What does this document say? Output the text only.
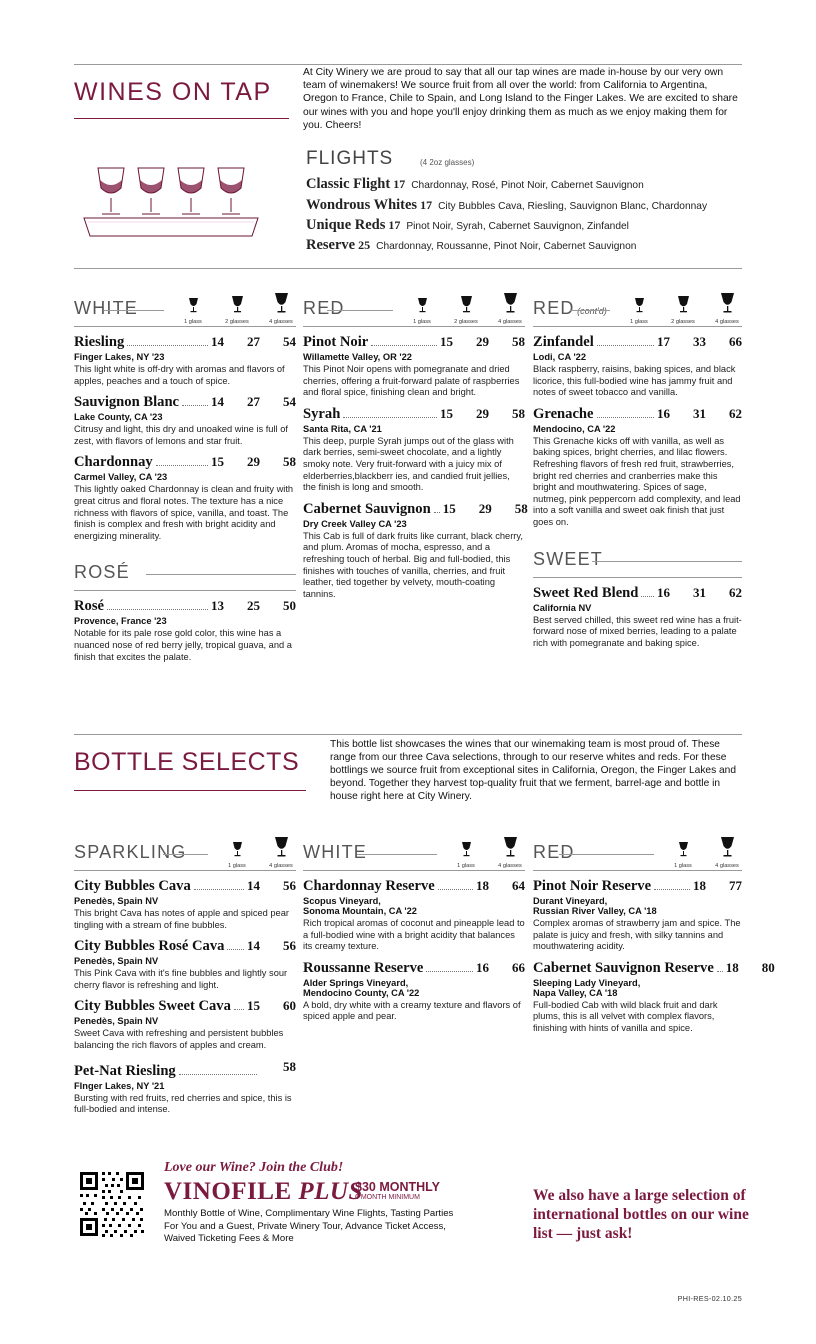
WINES ON TAP
At City Winery we are proud to say that all our tap wines are made in-house by our very own team of winemakers! We source fruit from all over the world: from California to Argentina, Oregon to France, Chile to Spain, and Long Island to the Finger Lakes. We are excited to share our wines with you and hope you'll enjoy drinking them as much as we enjoy making them for you. Cheers!
FLIGHTS	(4 2oz glasses)
Classic Flight 17 Chardonnay, Rosé, Pinot Noir, Cabernet Sauvignon
Wondrous Whites 17 City Bubbles Cava, Riesling, Sauvignon Blanc, Chardonnay
Unique Reds 17 Pinot Noir, Syrah, Cabernet Sauvignon, Zinfandel
Reserve 25 Chardonnay, Roussanne, Pinot Noir, Cabernet Sauvignon
WHITE
1 glass	2 glasses	4 glasses
Riesling	14	27	54
Finger Lakes, NY '23
This light white is off-dry with aromas and flavors of apples, peaches and a touch of spice.
Sauvignon Blanc 14	27	54
Lake County, CA '23
Citrusy and light, this dry and unoaked wine is full of zest, with flavors of lemons and star fruit.
Chardonnay	15	29	58
Carmel Valley, CA '23
This lightly oaked Chardonnay is clean and fruity with great citrus and floral notes. The texture has a nice richness with flavors of spice, vanilla, and toast. The finish is complex and fresh with bright acidity and energizing minerality.
ROSÉ
Rosé	13	25	50
Provence, France '23
Notable for its pale rose gold color, this wine has a nuanced nose of red berry jelly, tropical guava, and a finish that excites the palate.
RED
1 glass	2 glasses	4 glasses
Pinot Noir	15	29	58
Willamette Valley, OR '22
This Pinot Noir opens with pomegranate and dried cherries, offering a fruit-forward palate of raspberries and floral spice, finishing clean and bright.
Syrah	15	29	58
Santa Rita, CA '21
This deep, purple Syrah jumps out of the glass with dark berries, semi-sweet chocolate, and a lightly smoky note. Very fruit-forward with a juicy mix of elderberries,blackberr ies, and candied fruit jellies, the finish is long and smooth.
Cabernet Sauvignon 15	29	58
Dry Creek Valley CA '23
This Cab is full of dark fruits like currant, black cherry, and plum. Aromas of mocha, espresso, and a refreshing touch of herbal. Big and full-bodied, this finishes with touches of vanilla, cherries, and fruit leather, tied together by velvety, mouth-coating tannins.
RED (cont'd)
1 glass	2 glasses	4 glasses
Zinfandel	17	33	66
Lodi, CA '22
Black raspberry, raisins, baking spices, and black licorice, this full-bodied wine has jammy fruit and notes of sweet tobacco and vanilla.
Grenache	16	31	62
Mendocino, CA '22
This Grenache kicks off with vanilla, as well as baking spices, bright cherries, and lilac flowers. Refreshing flavors of fresh red fruit, strawberries, bright red cherries and cranberries make this bright and mouthwatering. Spices of sage, nutmeg, pink peppercorn add complexity, and lead into a soft vanilla and sweet oak finish that just goes on.
SWEET
Sweet Red Blend 16	31	62
California NV
Best served chilled, this sweet red wine has a fruit-forward nose of mixed berries, leading to a palate rich with pomegranate and baking spice.
BOTTLE SELECTS
This bottle list showcases the wines that our winemaking team is most proud of. These range from our three Cava selections, through to our reserve whites and reds. For these bottlings we source fruit from exceptional sites in California, Oregon, the Finger Lakes and beyond. Together they harvest top-quality fruit that we ferment, barrel-age and bottle in house right here at City Winery.
SPARKLING
1 glass	4 glasses
City Bubbles Cava	14	56
Penedès, Spain NV
This bright Cava has notes of apple and spiced pear tingling with a stream of fine bubbles.
City Bubbles Rosé Cava 14	56
Penedès, Spain NV
This Pink Cava with it's fine bubbles and lightly sour cherry flavor is refreshing and light.
City Bubbles Sweet Cava 15	60
Penedès, Spain NV
Sweet Cava with refreshing and persistent bubbles balancing the rich flavors of apples and cream.
Pet-Nat Riesling	58
FInger Lakes, NY '21
Bursting with red fruits, red cherries and spice, this is full-bodied and intense.
WHITE
1 glass	4 glasses
Chardonnay Reserve	18	64
Scopus Vineyard,
Sonoma Mountain, CA '22
Rich tropical aromas of coconut and pineapple lead to a full-bodied wine with a bright acidity that balances its creamy texture.
Roussanne Reserve	16	66
Alder Springs Vineyard,
Mendocino County, CA '22
A bold, dry white with a creamy texture and flavors of spiced apple and pear.
RED
1 glass	4 glasses
Pinot Noir Reserve	18	77
Durant Vineyard,
Russian River Valley, CA '18
Complex aromas of strawberry jam and spice. The palate is juicy and fresh, with silky tannins and mouthwatering acidity.
Cabernet Sauvignon Reserve 18	80
Sleeping Lady Vineyard,
Napa Valley, CA '18
Full-bodied Cab with wild black fruit and dark plums, this is all velvet with complex flavors, finishing with hints of vanilla and spice.
Love our Wine? Join the Club!
VINOFILE PLUS
$30 MONTHLY
6 MONTH MINIMUM
Monthly Bottle of Wine, Complimentary Wine Flights, Tasting Parties For You and a Guest, Private Winery Tour, Advance Ticket Access, Waived Ticketing Fees & More
We also have a large selection of international bottles on our wine list — just ask!
PHI-RES-02.10.25
